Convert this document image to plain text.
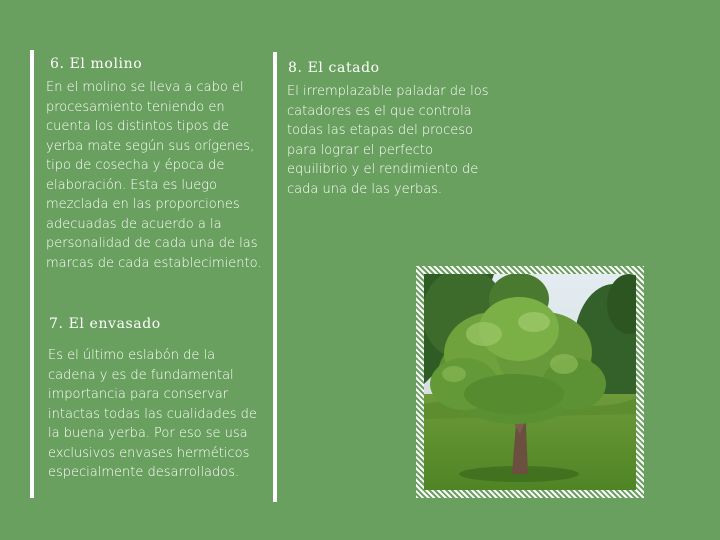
6. El molino

En el molino se lleva a cabo el procesamiento teniendo en cuenta los distintos tipos de yerba mate según sus orígenes, tipo de cosecha y época de elaboración. Esta es luego mezclada en las proporciones adecuadas de acuerdo a la personalidad de cada una de las marcas de cada establecimiento.

7. El envasado

Es el último eslabón de la cadena y es de fundamental importancia para conservar intactas todas las cualidades de la buena yerba. Por eso se usa exclusivos envases herméticos especialmente desarrollados.

8. El catado

El irremplazable paladar de los catadores es el que controla todas las etapas del proceso para lograr el perfecto equilibrio y el rendimiento de cada una de las yerbas.
